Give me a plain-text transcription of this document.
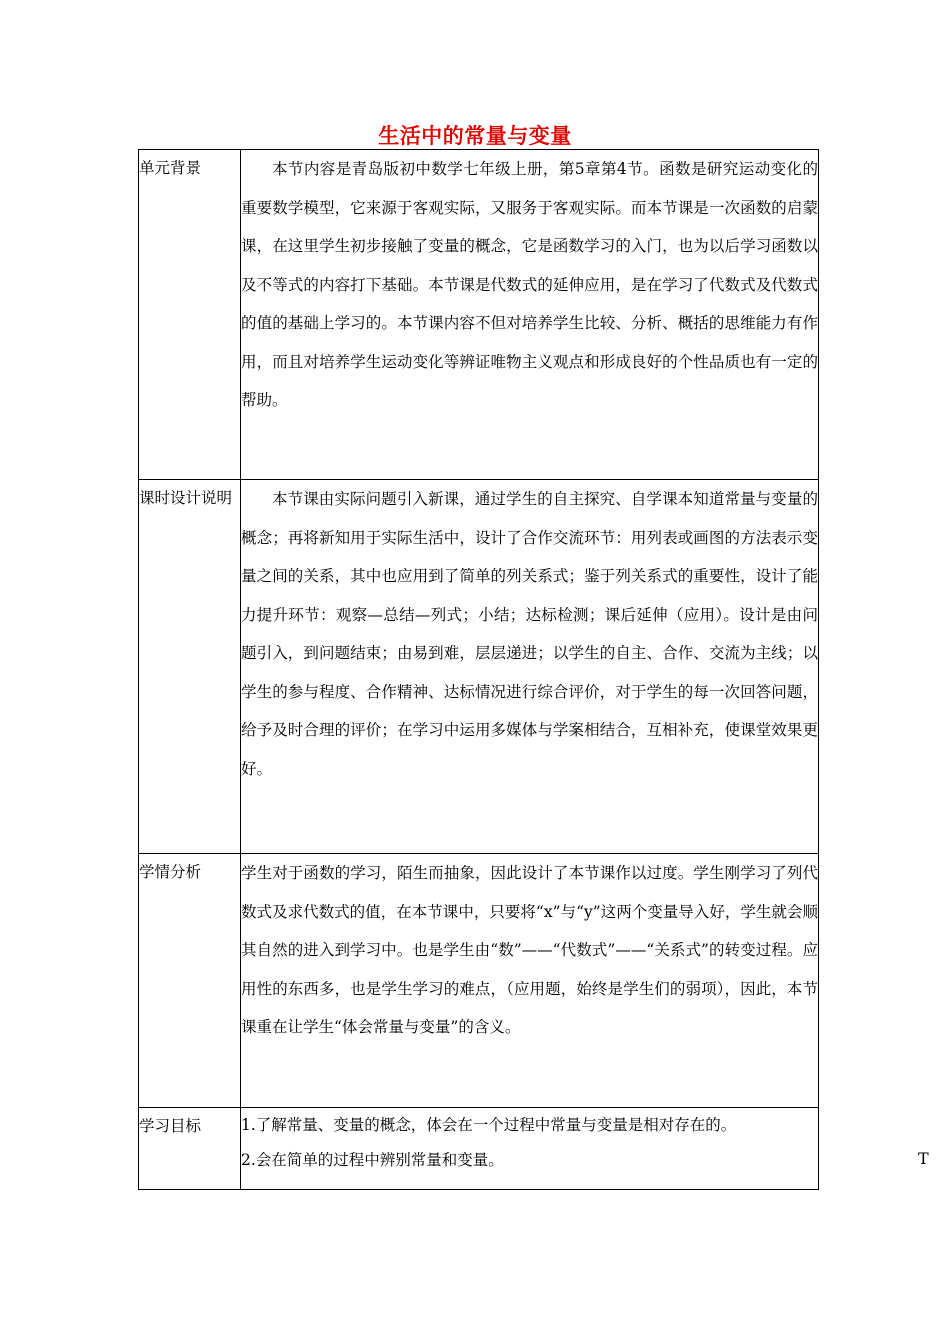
生活中的常量与变量
单元背景	本节内容是青岛版初中数学七年级上册，第5章第4节。函数是研究运动变化的重要数学模型，它来源于客观实际，又服务于客观实际。而本节课是一次函数的启蒙课，在这里学生初步接触了变量的概念，它是函数学习的入门，也为以后学习函数以及不等式的内容打下基础。本节课是代数式的延伸应用，是在学习了代数式及代数式的值的基础上学习的。本节课内容不但对培养学生比较、分析、概括的思维能力有作用，而且对培养学生运动变化等辨证唯物主义观点和形成良好的个性品质也有一定的帮助。

课时设计说明	本节课由实际问题引入新课，通过学生的自主探究、自学课本知道常量与变量的概念；再将新知用于实际生活中，设计了合作交流环节：用列表或画图的方法表示变量之间的关系，其中也应用到了简单的列关系式；鉴于列关系式的重要性，设计了能力提升环节：观察—总结—列式；小结；达标检测；课后延伸（应用）。设计是由问题引入，到问题结束；由易到难，层层递进；以学生的自主、合作、交流为主线；以学生的参与程度、合作精神、达标情况进行综合评价，对于学生的每一次回答问题，给予及时合理的评价；在学习中运用多媒体与学案相结合，互相补充，使课堂效果更好。

学情分析	学生对于函数的学习，陌生而抽象，因此设计了本节课作以过度。学生刚学习了列代数式及求代数式的值，在本节课中，只要将“x”与“y”这两个变量导入好，学生就会顺其自然的进入到学习中。也是学生由“数”——“代数式”——“关系式”的转变过程。应用性的东西多，也是学生学习的难点，（应用题，始终是学生们的弱项），因此，本节课重在让学生“体会常量与变量”的含义。

学习目标	1.了解常量、变量的概念，体会在一个过程中常量与变量是相对存在的。

2.会在简单的过程中辨别常量和变量。	T
